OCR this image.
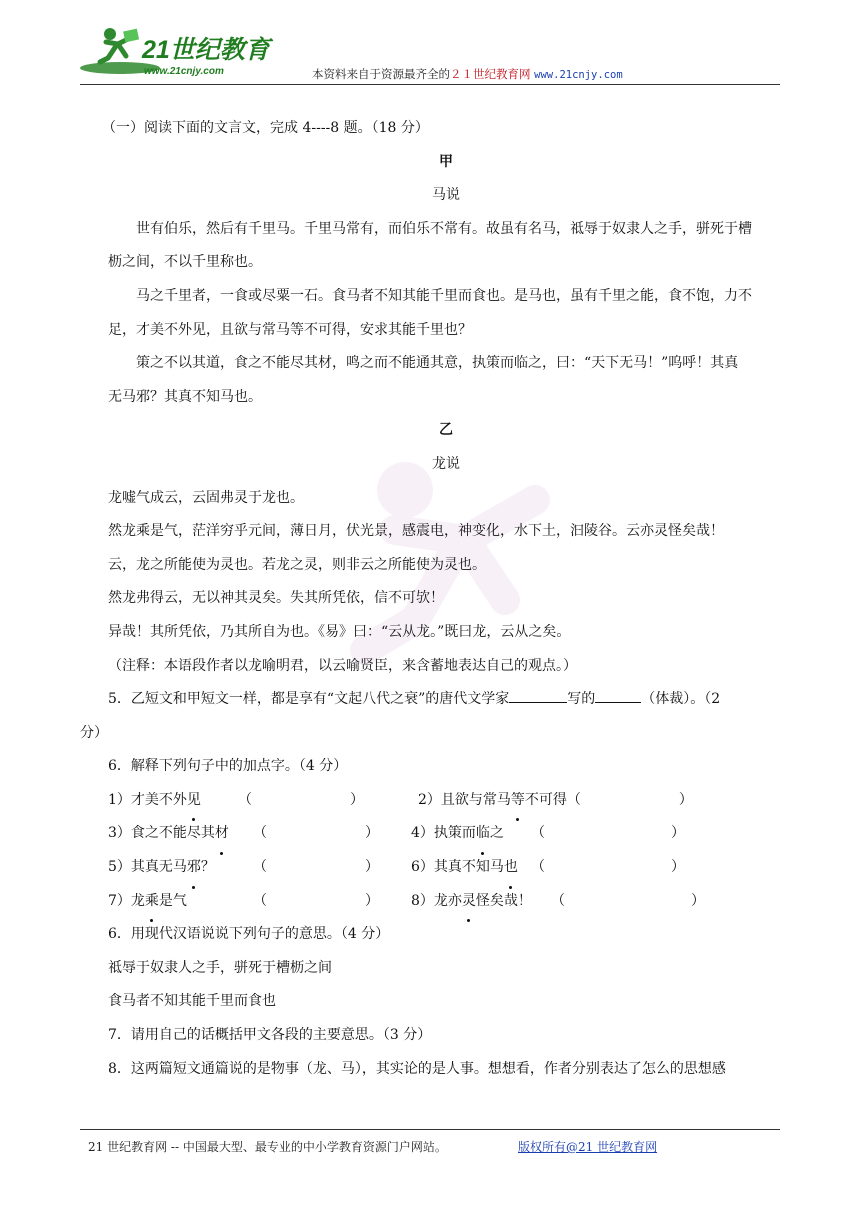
21世纪教育
www.21cnjy.com	本资料来自于资源最齐全的２１世纪教育网 www.21cnjy.com

（一）阅读下面的文言文，完成 4----8 题。（18 分）

甲

马说

世有伯乐，然后有千里马。千里马常有，而伯乐不常有。故虽有名马，祗辱于奴隶人之手，骈死于槽

枥之间，不以千里称也。

马之千里者，一食或尽粟一石。食马者不知其能千里而食也。是马也，虽有千里之能，食不饱，力不

足，才美不外见，且欲与常马等不可得，安求其能千里也？

策之不以其道，食之不能尽其材，鸣之而不能通其意，执策而临之，曰：“天下无马！”呜呼！其真

无马邪？其真不知马也。

乙

龙说

龙嘘气成云，云固弗灵于龙也。

然龙乘是气，茫洋穷乎元间，薄日月，伏光景，感震电，神变化，水下土，汩陵谷。云亦灵怪矣哉！

云，龙之所能使为灵也。若龙之灵，则非云之所能使为灵也。

然龙弗得云，无以神其灵矣。失其所凭依，信不可欤！

异哉！其所凭依，乃其所自为也。《易》曰：“云从龙。”既曰龙，云从之矣。

（注释：本语段作者以龙喻明君，以云喻贤臣，来含蓄地表达自己的观点。）

5．乙短文和甲短文一样，都是享有“文起八代之衰”的唐代文学家	写的	（体裁）。（2

分）

6．解释下列句子中的加点字。（4 分）

1）才美不外见	（　　　　　　　）	2）且欲与常马等不可得 （　　　　　　　）
3）食之不能尽其材	（　　　　　　　）	4）执策而临之	（　　　　　　　　　）
5）其真无马邪？	（　　　　　　　）	6）其真不知马也 （　　　　　　　　　）
7）龙乘是气	（　　　　　　　）	8）龙亦灵怪矣哉！	（　　　　　　　　　）

6．用现代汉语说说下列句子的意思。（4 分）

祗辱于奴隶人之手，骈死于槽枥之间

食马者不知其能千里而食也

7．请用自己的话概括甲文各段的主要意思。（3 分）

8．这两篇短文通篇说的是物事（龙、马），其实论的是人事。想想看，作者分别表达了怎么的思想感

21 世纪教育网 -- 中国最大型、最专业的中小学教育资源门户网站。	版权所有@21 世纪教育网
